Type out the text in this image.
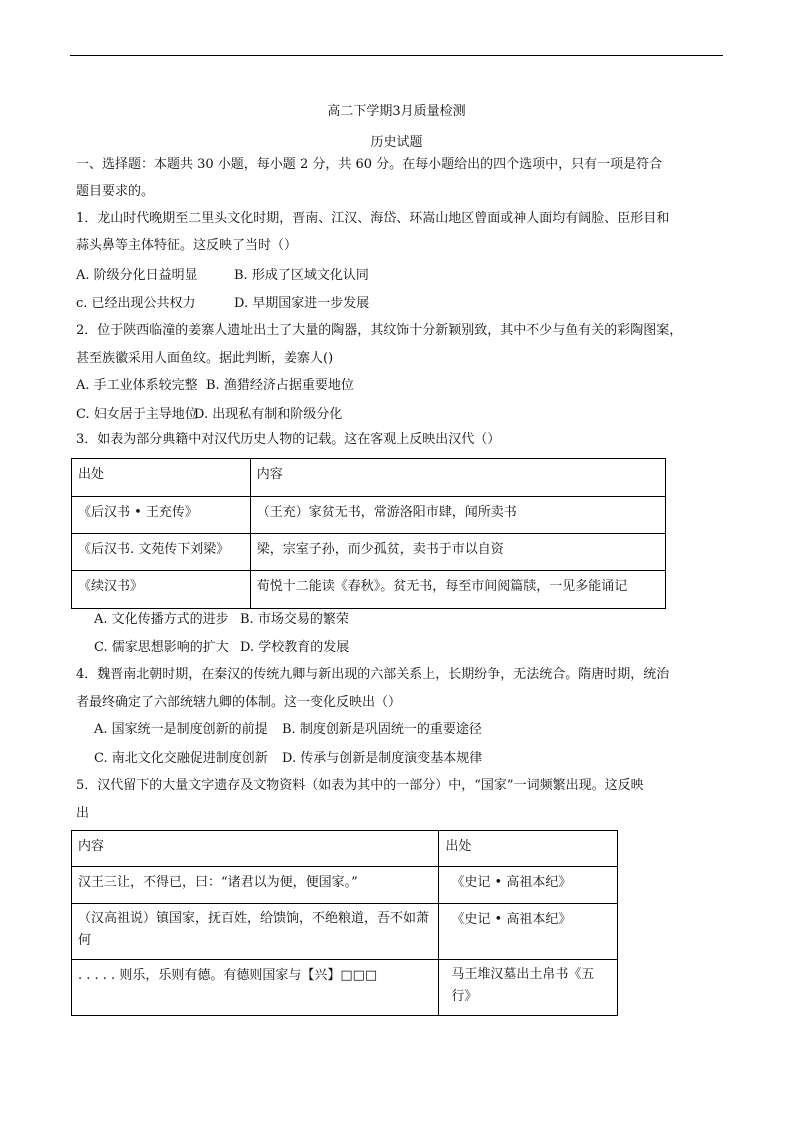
高二下学期3月质量检测
历史试题
一、选择题：本题共 30 小题，每小题 2 分，共 60 分。在每小题给出的四个选项中，只有一项是符合
题目要求的。
1．龙山时代晚期至二里头文化时期，晋南、江汉、海岱、环嵩山地区曾面或神人面均有阔脸、臣形目和
蒜头鼻等主体特征。这反映了当时（）
A. 阶级分化日益明显	B. 形成了区域文化认同
c. 已经出现公共权力	D. 早期国家进一步发展
2．位于陕西临潼的姜寨人遗址出土了大量的陶器，其纹饰十分新颖别致，其中不少与鱼有关的彩陶图案，
甚至族徽采用人面鱼纹。据此判断，姜寨人()
A. 手工业体系较完整 B. 渔猎经济占据重要地位
C. 妇女居于主导地位
D. 出现私有制和阶级分化
3．如表为部分典籍中对汉代历史人物的记载。这在客观上反映出汉代（）
出处	内容
《后汉书 • 王充传》	（王充）家贫无书，常游洛阳市肆，闻所卖书
《后汉书. 文苑传下刘梁》	梁，宗室子孙，而少孤贫，卖书于市以自资
《续汉书》	荀悦十二能读《春秋》。贫无书，每至市间阅篇牍，一见多能诵记
A. 文化传播方式的进步 B. 市场交易的繁荣
C. 儒家思想影响的扩大 D. 学校教育的发展
4．魏晋南北朝时期，在秦汉的传统九卿与新出现的六部关系上，长期纷争，无法统合。隋唐时期，统治
者最终确定了六部统辖九卿的体制。这一变化反映出（）
A. 国家统一是制度创新的前提 B. 制度创新是巩固统一的重要途径
C. 南北文化交融促进制度创新 D. 传承与创新是制度演变基本规律
5．汉代留下的大量文字遗存及文物资料（如表为其中的一部分）中，“国家”一词频繁出现。这反映
出
内容	出处
汉王三让，不得已，曰：“诸君以为便，便国家。”	《史记 • 高祖本纪》
（汉高祖说）镇国家，抚百姓，给馈饷，不绝粮道，吾不如萧何	《史记 • 高祖本纪》
. . . . . 则乐，乐则有德。有德则国家与【兴】□□□	马王堆汉墓出土帛书《五行》
